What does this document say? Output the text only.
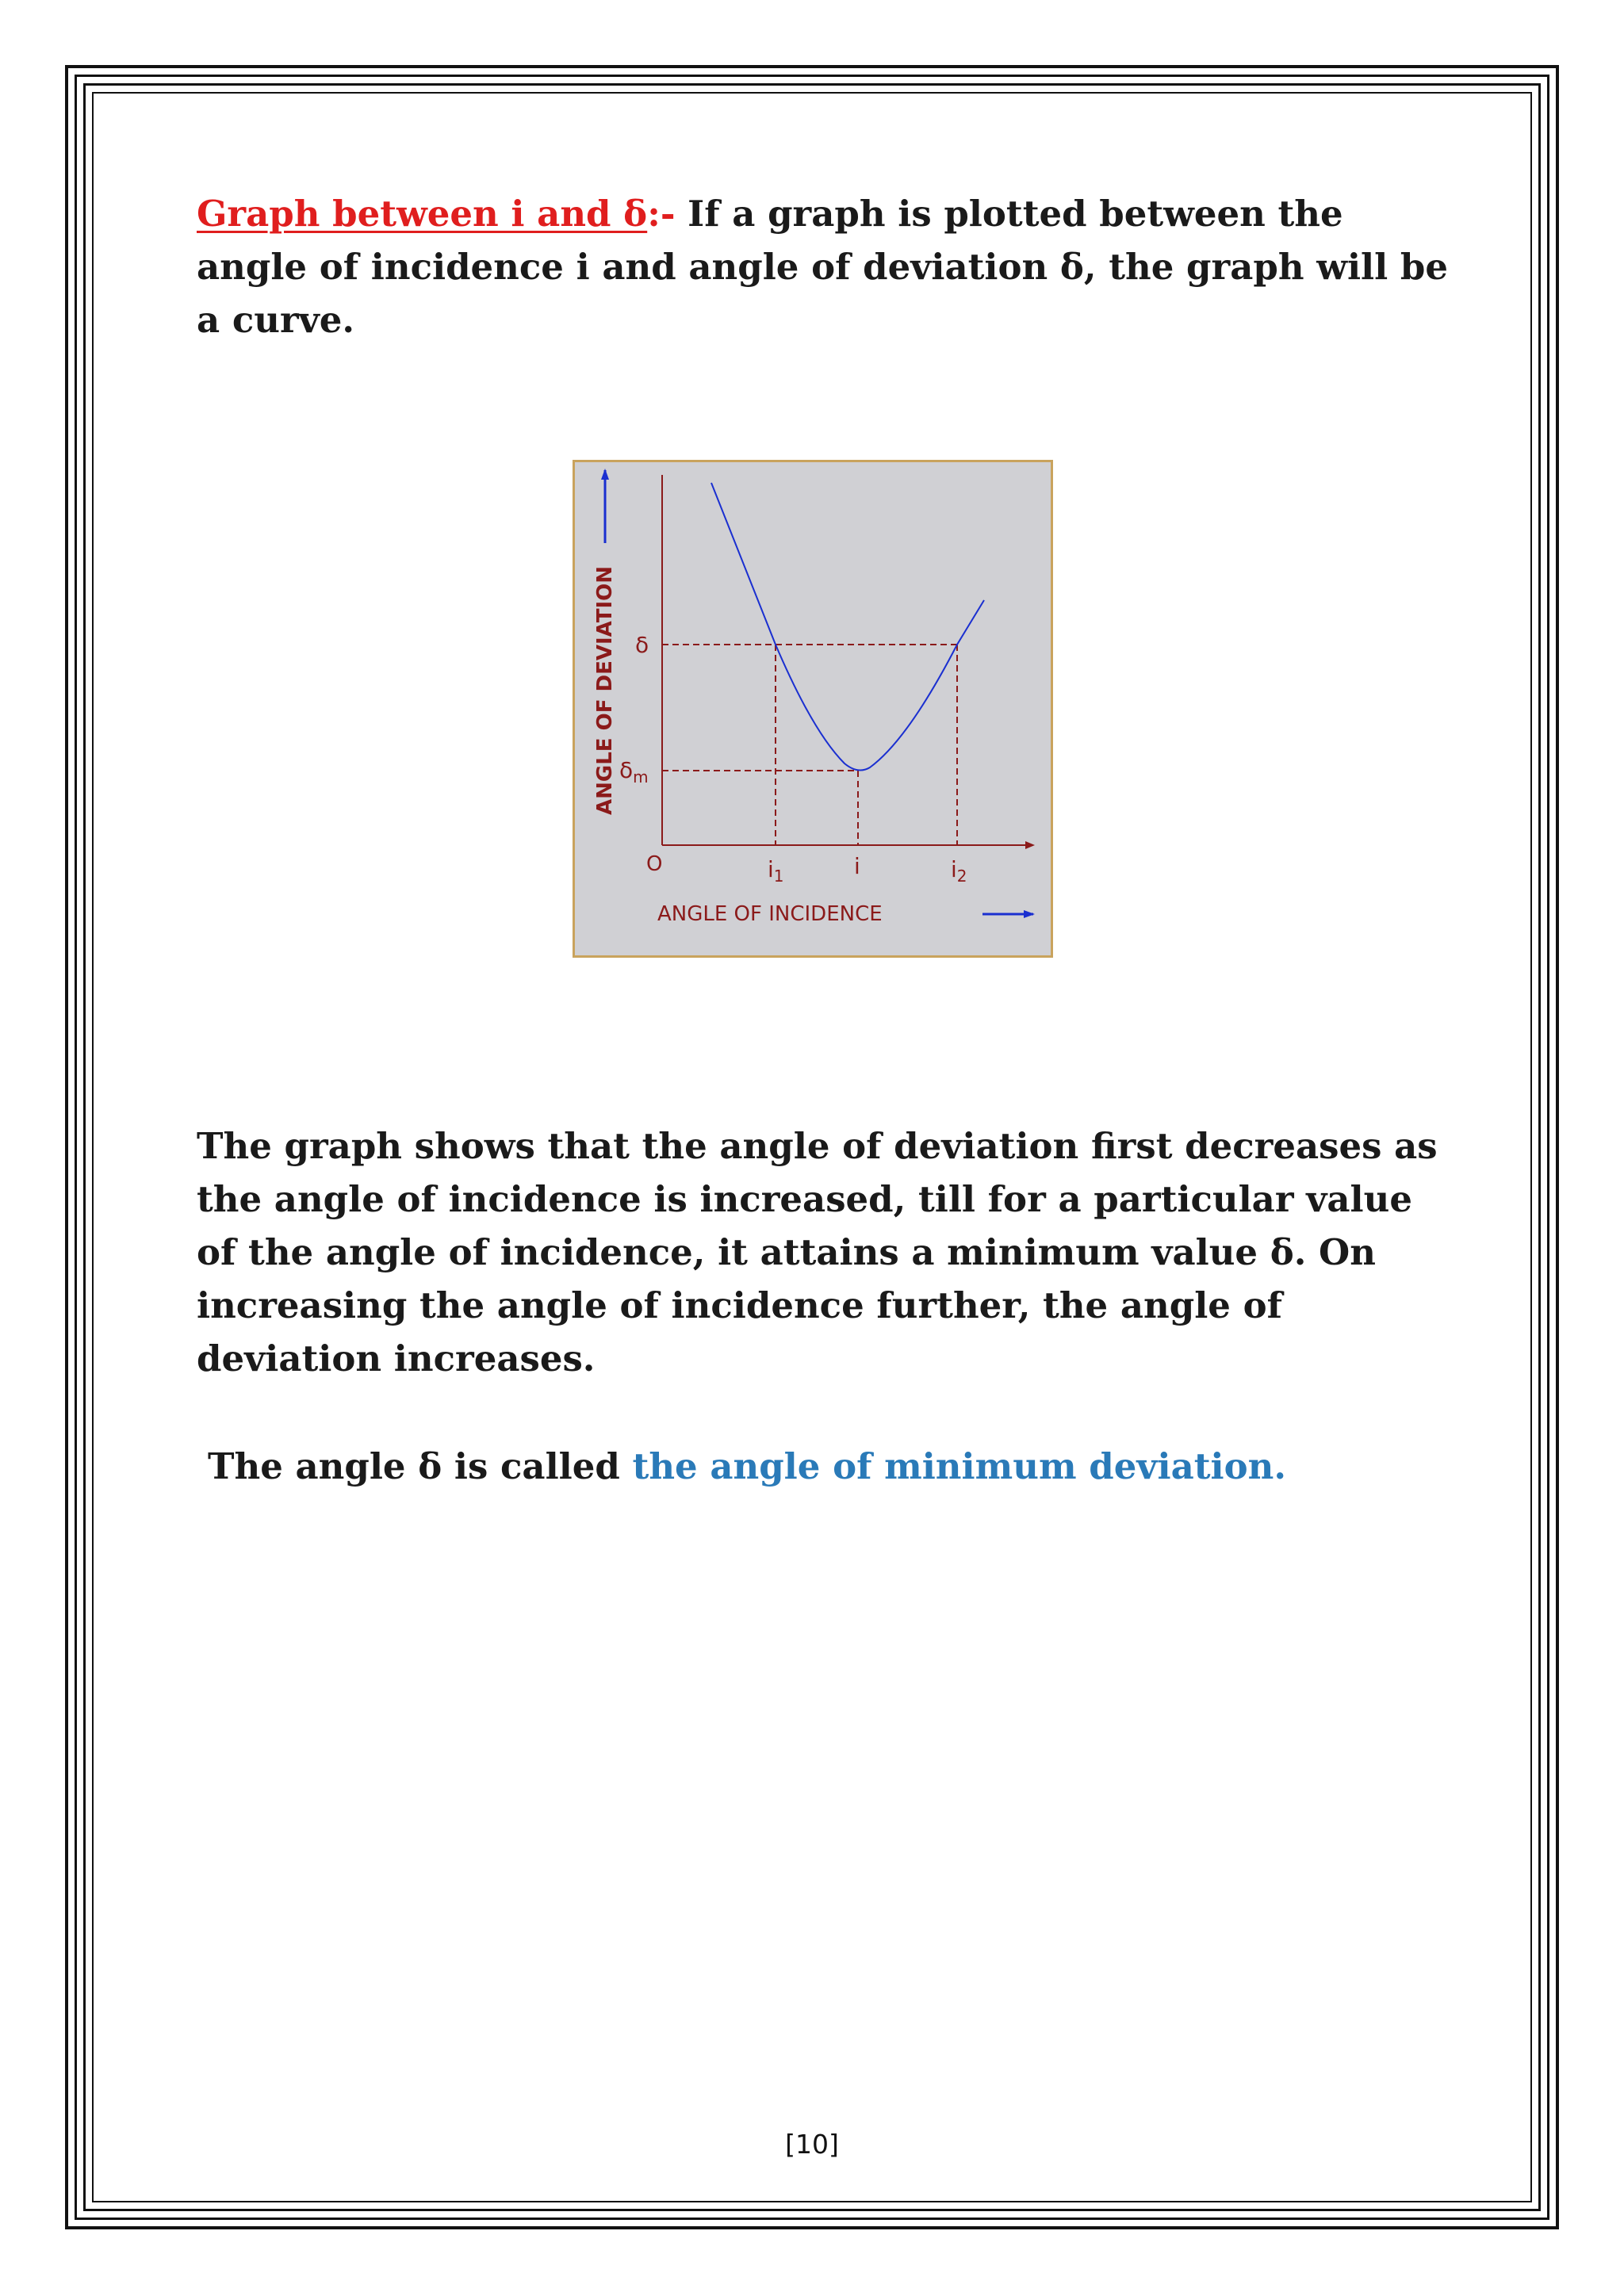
Graph between i and δ:- If a graph is plotted between the
angle of incidence i and angle of deviation δ, the graph will be
a curve.

ANGLE OF DEVIATION δ
$\delta_m$
O	$i_1$	i	$i_2$
ANGLE OF INCIDENCE

The graph shows that the angle of deviation first decreases as
the angle of incidence is increased, till for a particular value
of the angle of incidence, it attains a minimum value δ. On
increasing the angle of incidence further, the angle of
deviation increases.

The angle δ is called the angle of minimum deviation.

[10]
